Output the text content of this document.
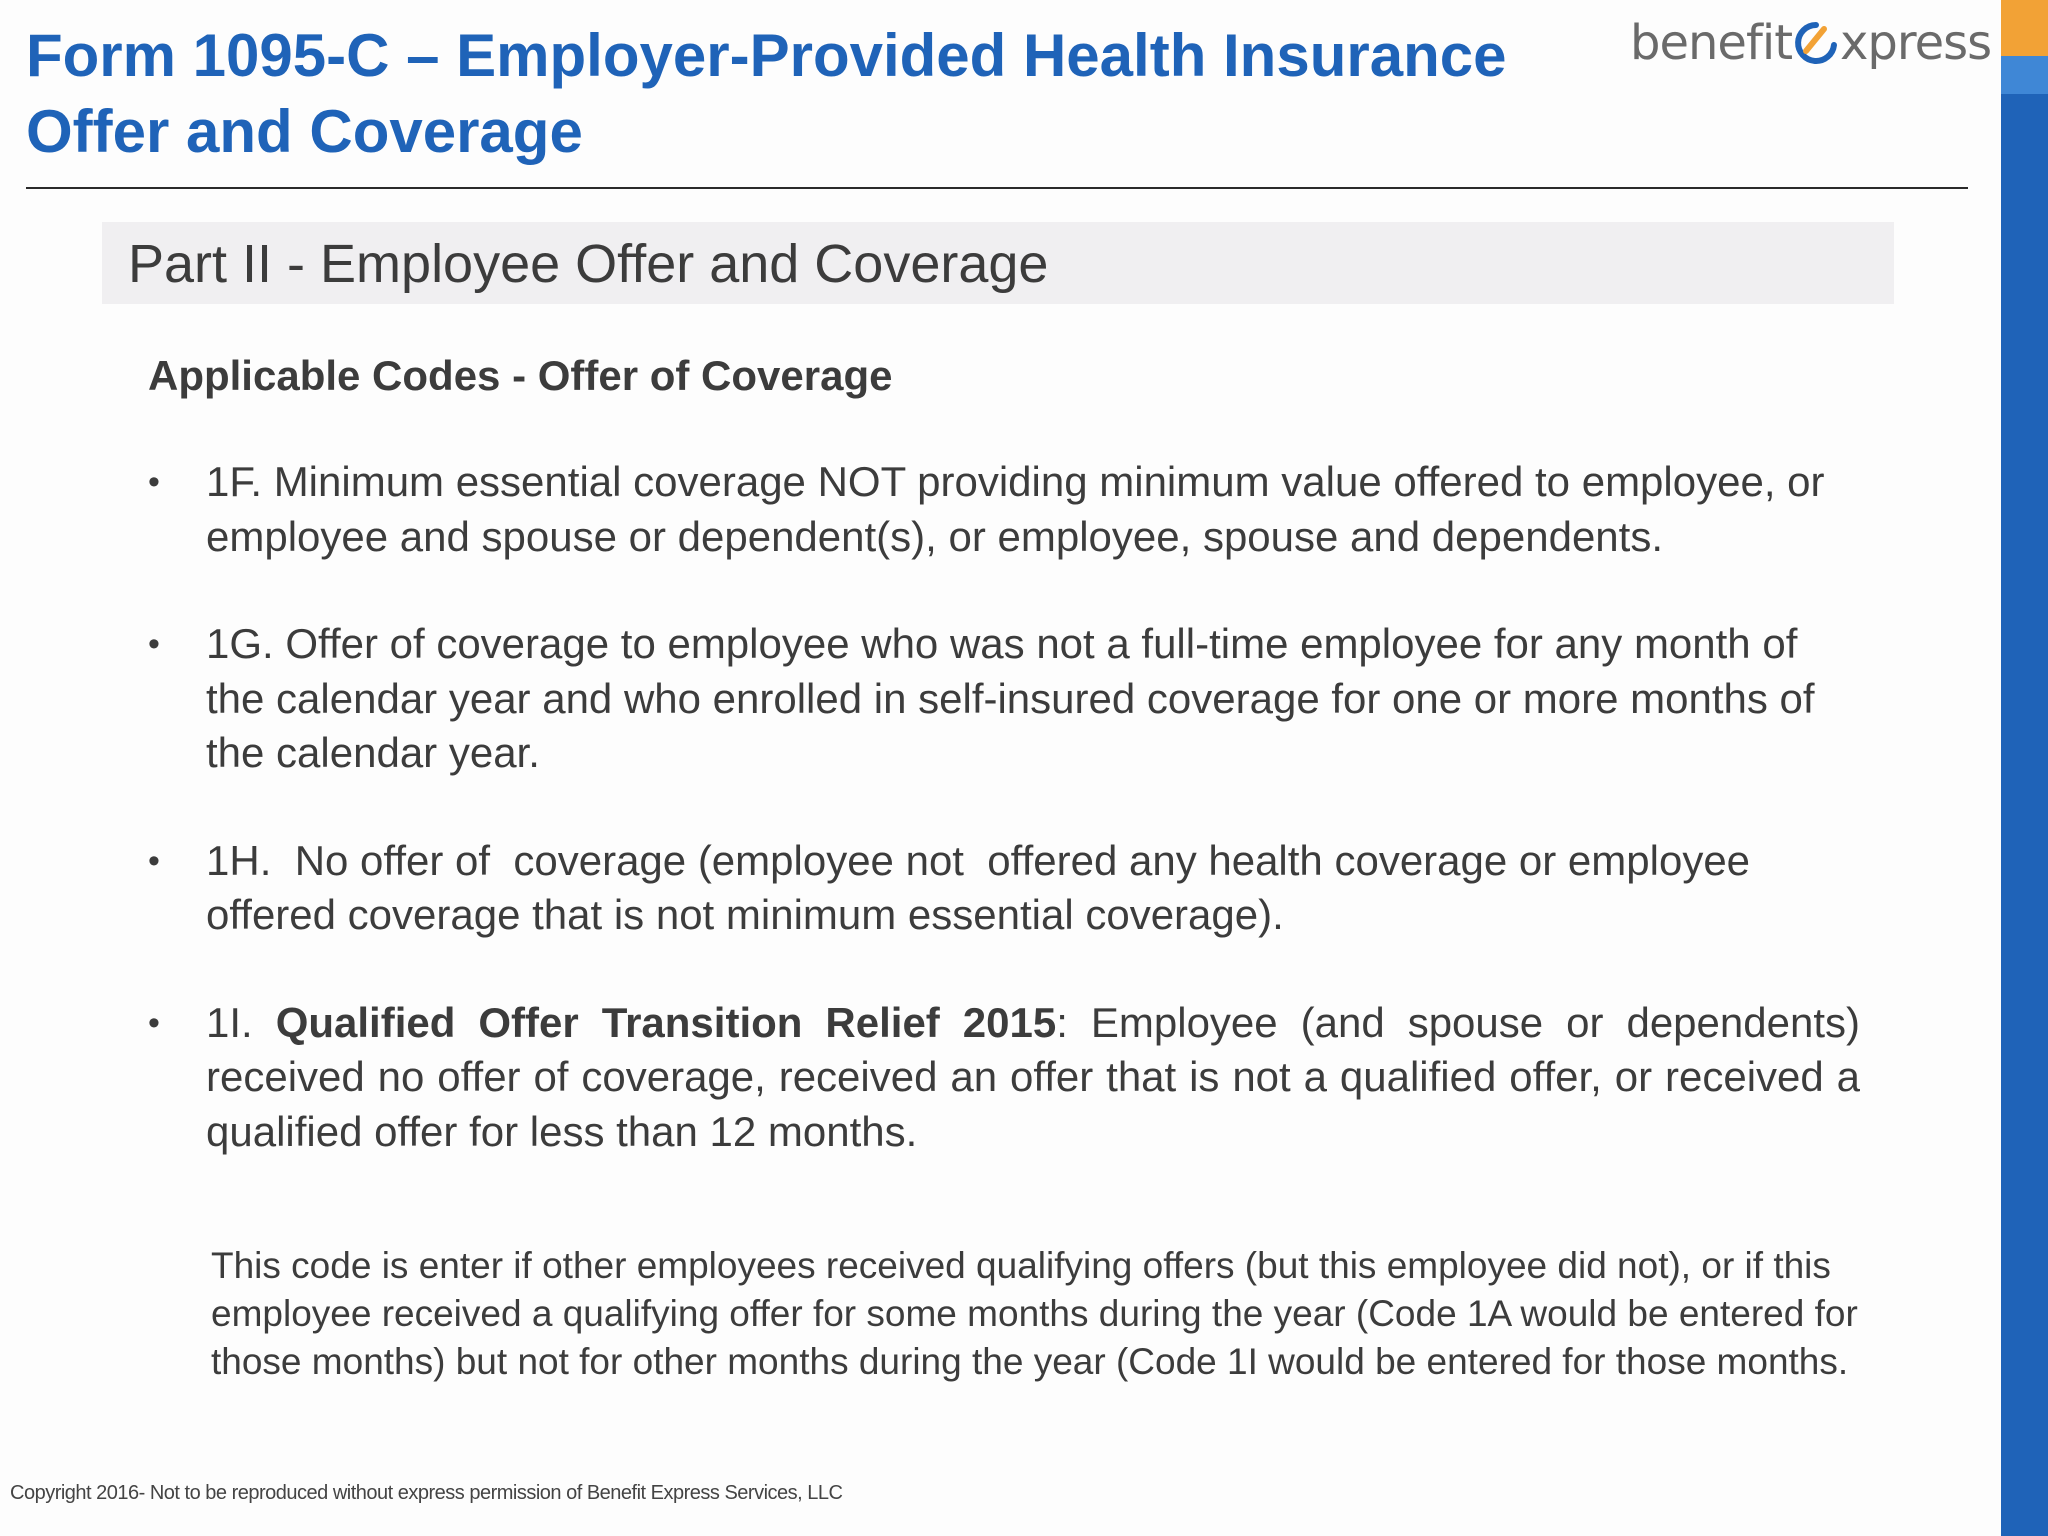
Form 1095-C – Employer-Provided Health Insurance
Offer and Coverage
benefit xpress
Part II - Employee Offer and Coverage

Applicable Codes - Offer of Coverage

• 1F. Minimum essential coverage NOT providing minimum value offered to employee, or employee and spouse or dependent(s), or employee, spouse and dependents.
• 1G. Offer of coverage to employee who was not a full-time employee for any month of the calendar year and who enrolled in self-insured coverage for one or more months of the calendar year.
• 1H.  No offer of  coverage (employee not  offered any health coverage or employee offered coverage that is not minimum essential coverage).
• 1I. Qualified Offer Transition Relief 2015: Employee (and spouse or dependents) received no offer of coverage, received an offer that is not a qualified offer, or received a qualified offer for less than 12 months.

This code is enter if other employees received qualifying offers (but this employee did not), or if this employee received a qualifying offer for some months during the year (Code 1A would be entered for those months) but not for other months during the year (Code 1I would be entered for those months.

Copyright 2016- Not to be reproduced without express permission of Benefit Express Services, LLC
